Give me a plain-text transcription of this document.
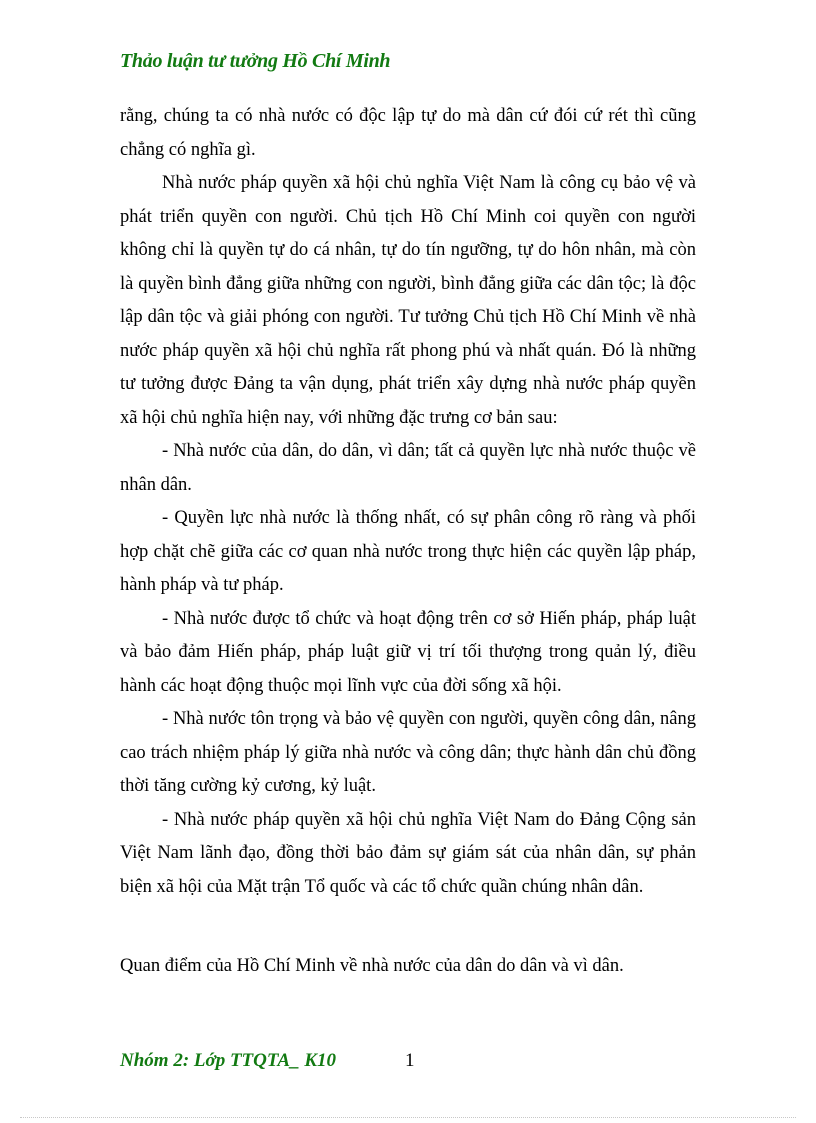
Thảo luận tư tưởng Hồ Chí Minh

rằng, chúng ta có nhà nước có độc lập tự do mà dân cứ đói cứ rét thì cũng chẳng có nghĩa gì.

Nhà nước pháp quyền xã hội chủ nghĩa Việt Nam là công cụ bảo vệ và phát triển quyền con người. Chủ tịch Hồ Chí Minh coi quyền con người không chỉ là quyền tự do cá nhân, tự do tín ngưỡng, tự do hôn nhân, mà còn là quyền bình đẳng giữa những con người, bình đẳng giữa các dân tộc; là độc lập dân tộc và giải phóng con người. Tư tưởng Chủ tịch Hồ Chí Minh về nhà nước pháp quyền xã hội chủ nghĩa rất phong phú và nhất quán. Đó là những tư tưởng được Đảng ta vận dụng, phát triển xây dựng nhà nước pháp quyền xã hội chủ nghĩa hiện nay, với những đặc trưng cơ bản sau:

- Nhà nước của dân, do dân, vì dân; tất cả quyền lực nhà nước thuộc về nhân dân.

- Quyền lực nhà nước là thống nhất, có sự phân công rõ ràng và phối hợp chặt chẽ giữa các cơ quan nhà nước trong thực hiện các quyền lập pháp, hành pháp và tư pháp.

- Nhà nước được tổ chức và hoạt động trên cơ sở Hiến pháp, pháp luật và bảo đảm Hiến pháp, pháp luật giữ vị trí tối thượng trong quản lý, điều hành các hoạt động thuộc mọi lĩnh vực của đời sống xã hội.

- Nhà nước tôn trọng và bảo vệ quyền con người, quyền công dân, nâng cao trách nhiệm pháp lý giữa nhà nước và công dân; thực hành dân chủ đồng thời tăng cường kỷ cương, kỷ luật.

- Nhà nước pháp quyền xã hội chủ nghĩa Việt Nam do Đảng Cộng sản Việt Nam lãnh đạo, đồng thời bảo đảm sự giám sát của nhân dân, sự phản biện xã hội của Mặt trận Tổ quốc và các tổ chức quần chúng nhân dân.

Quan điểm của Hồ Chí Minh về nhà nước của dân do dân và vì dân.
Nhóm 2: Lớp TTQTA_ K10	1
